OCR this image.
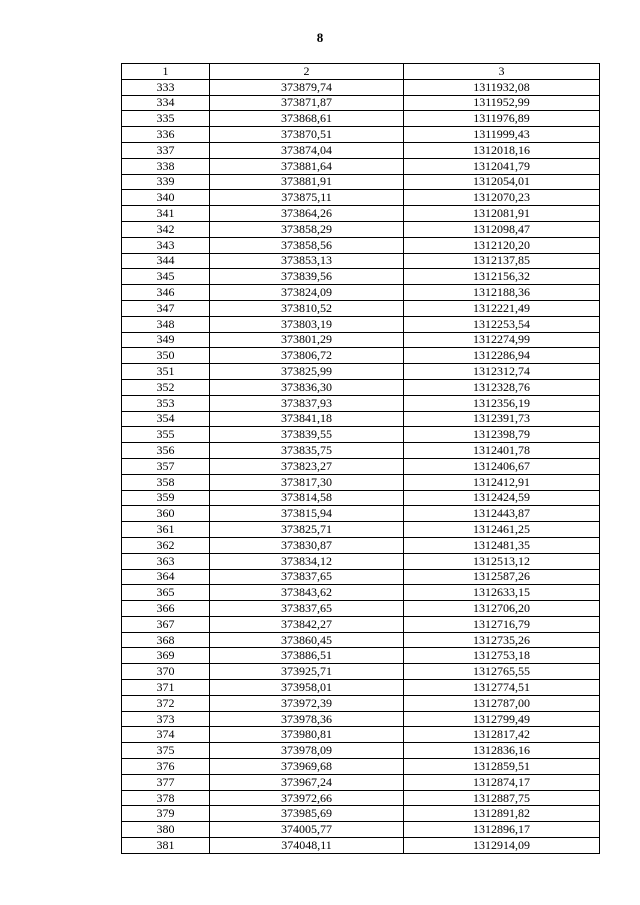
8
1	2	3
333	373879,74	1311932,08
334	373871,87	1311952,99
335	373868,61	1311976,89
336	373870,51	1311999,43
337	373874,04	1312018,16
338	373881,64	1312041,79
339	373881,91	1312054,01
340	373875,11	1312070,23
341	373864,26	1312081,91
342	373858,29	1312098,47
343	373858,56	1312120,20
344	373853,13	1312137,85
345	373839,56	1312156,32
346	373824,09	1312188,36
347	373810,52	1312221,49
348	373803,19	1312253,54
349	373801,29	1312274,99
350	373806,72	1312286,94
351	373825,99	1312312,74
352	373836,30	1312328,76
353	373837,93	1312356,19
354	373841,18	1312391,73
355	373839,55	1312398,79
356	373835,75	1312401,78
357	373823,27	1312406,67
358	373817,30	1312412,91
359	373814,58	1312424,59
360	373815,94	1312443,87
361	373825,71	1312461,25
362	373830,87	1312481,35
363	373834,12	1312513,12
364	373837,65	1312587,26
365	373843,62	1312633,15
366	373837,65	1312706,20
367	373842,27	1312716,79
368	373860,45	1312735,26
369	373886,51	1312753,18
370	373925,71	1312765,55
371	373958,01	1312774,51
372	373972,39	1312787,00
373	373978,36	1312799,49
374	373980,81	1312817,42
375	373978,09	1312836,16
376	373969,68	1312859,51
377	373967,24	1312874,17
378	373972,66	1312887,75
379	373985,69	1312891,82
380	374005,77	1312896,17
381	374048,11	1312914,09
